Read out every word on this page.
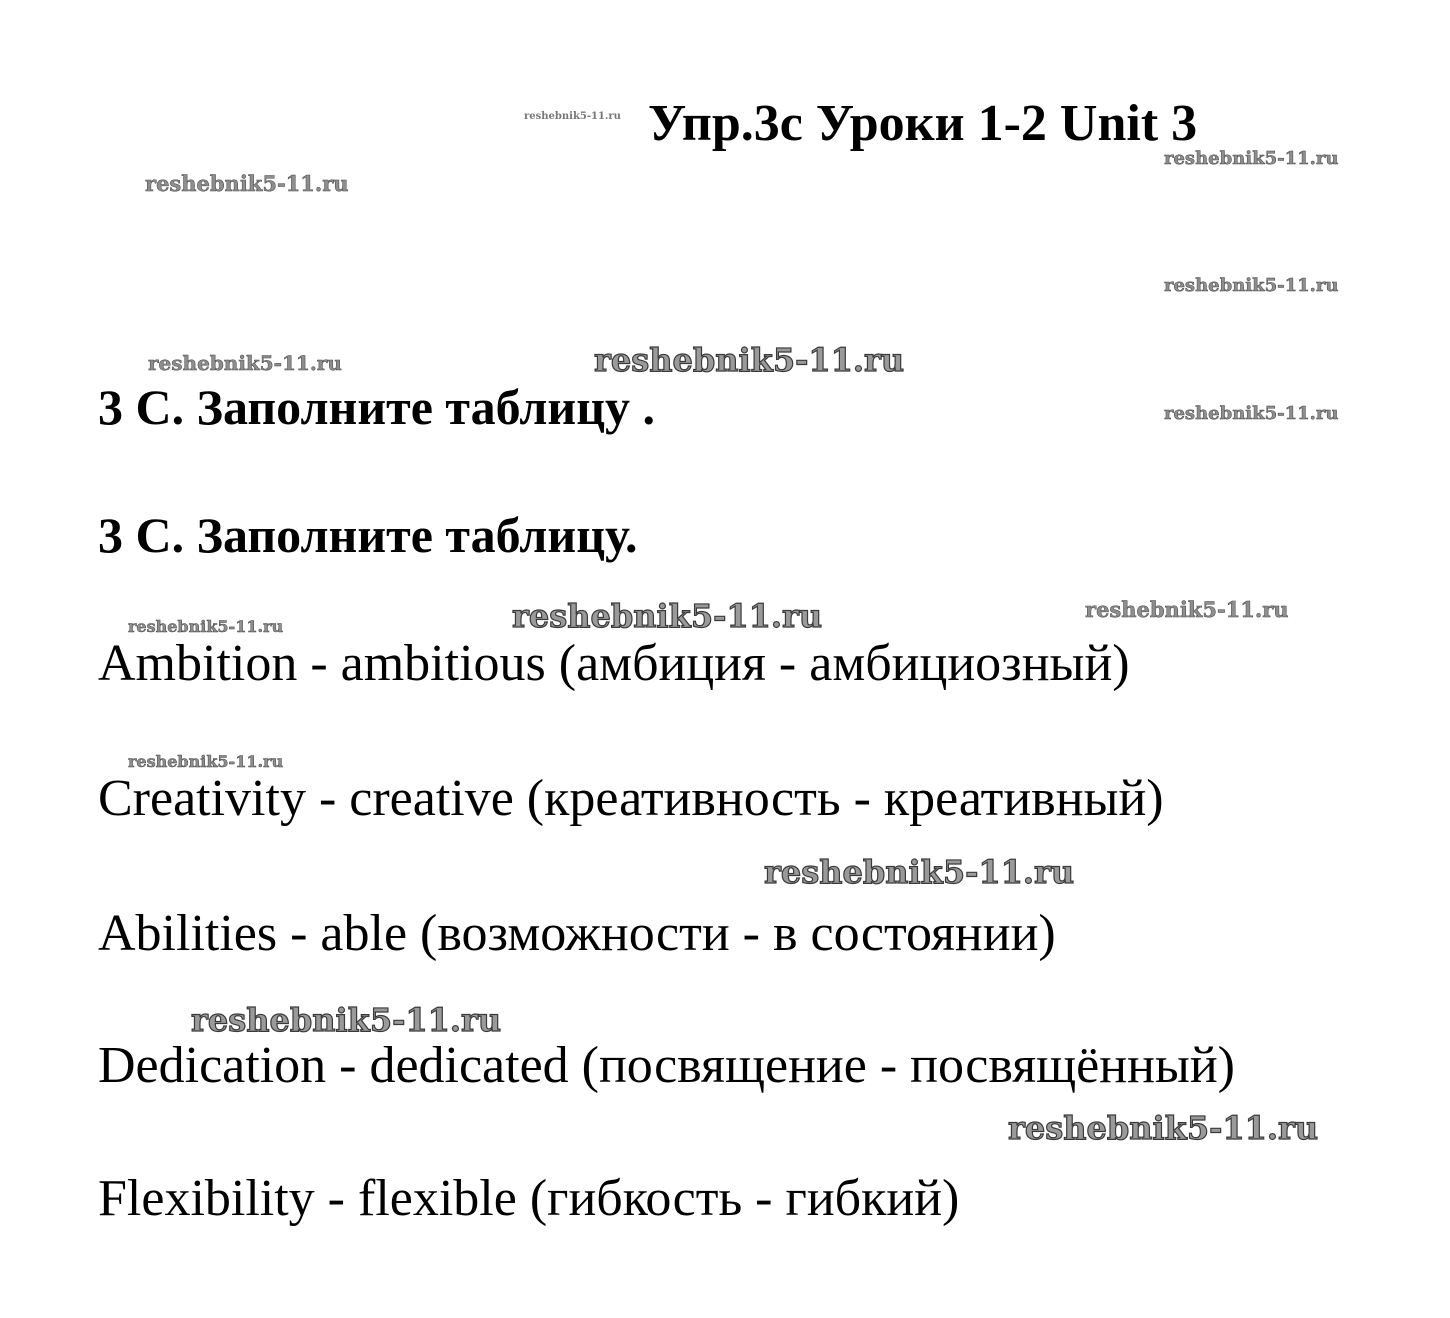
reshebnik5-11.ru Упр.3с Уроки 1-2 Unit 3
reshebnik5-11.ru
reshebnik5-11.ru
reshebnik5-11.ru
reshebnik5-11.ru	reshebnik5-11.ru
3 С. Заполните таблицу .	reshebnik5-11.ru
3 С. Заполните таблицу.
reshebnik5-11.ru	reshebnik5-11.ru	reshebnik5-11.ru
Ambition - ambitious (амбиция - амбициозный)
reshebnik5-11.ru
Creativity - creative (креативность - креативный)
reshebnik5-11.ru
Abilities - able (возможности - в состоянии)
reshebnik5-11.ru
Dedication - dedicated (посвящение - посвящённый)
reshebnik5-11.ru
Flexibility - flexible (гибкость - гибкий)
